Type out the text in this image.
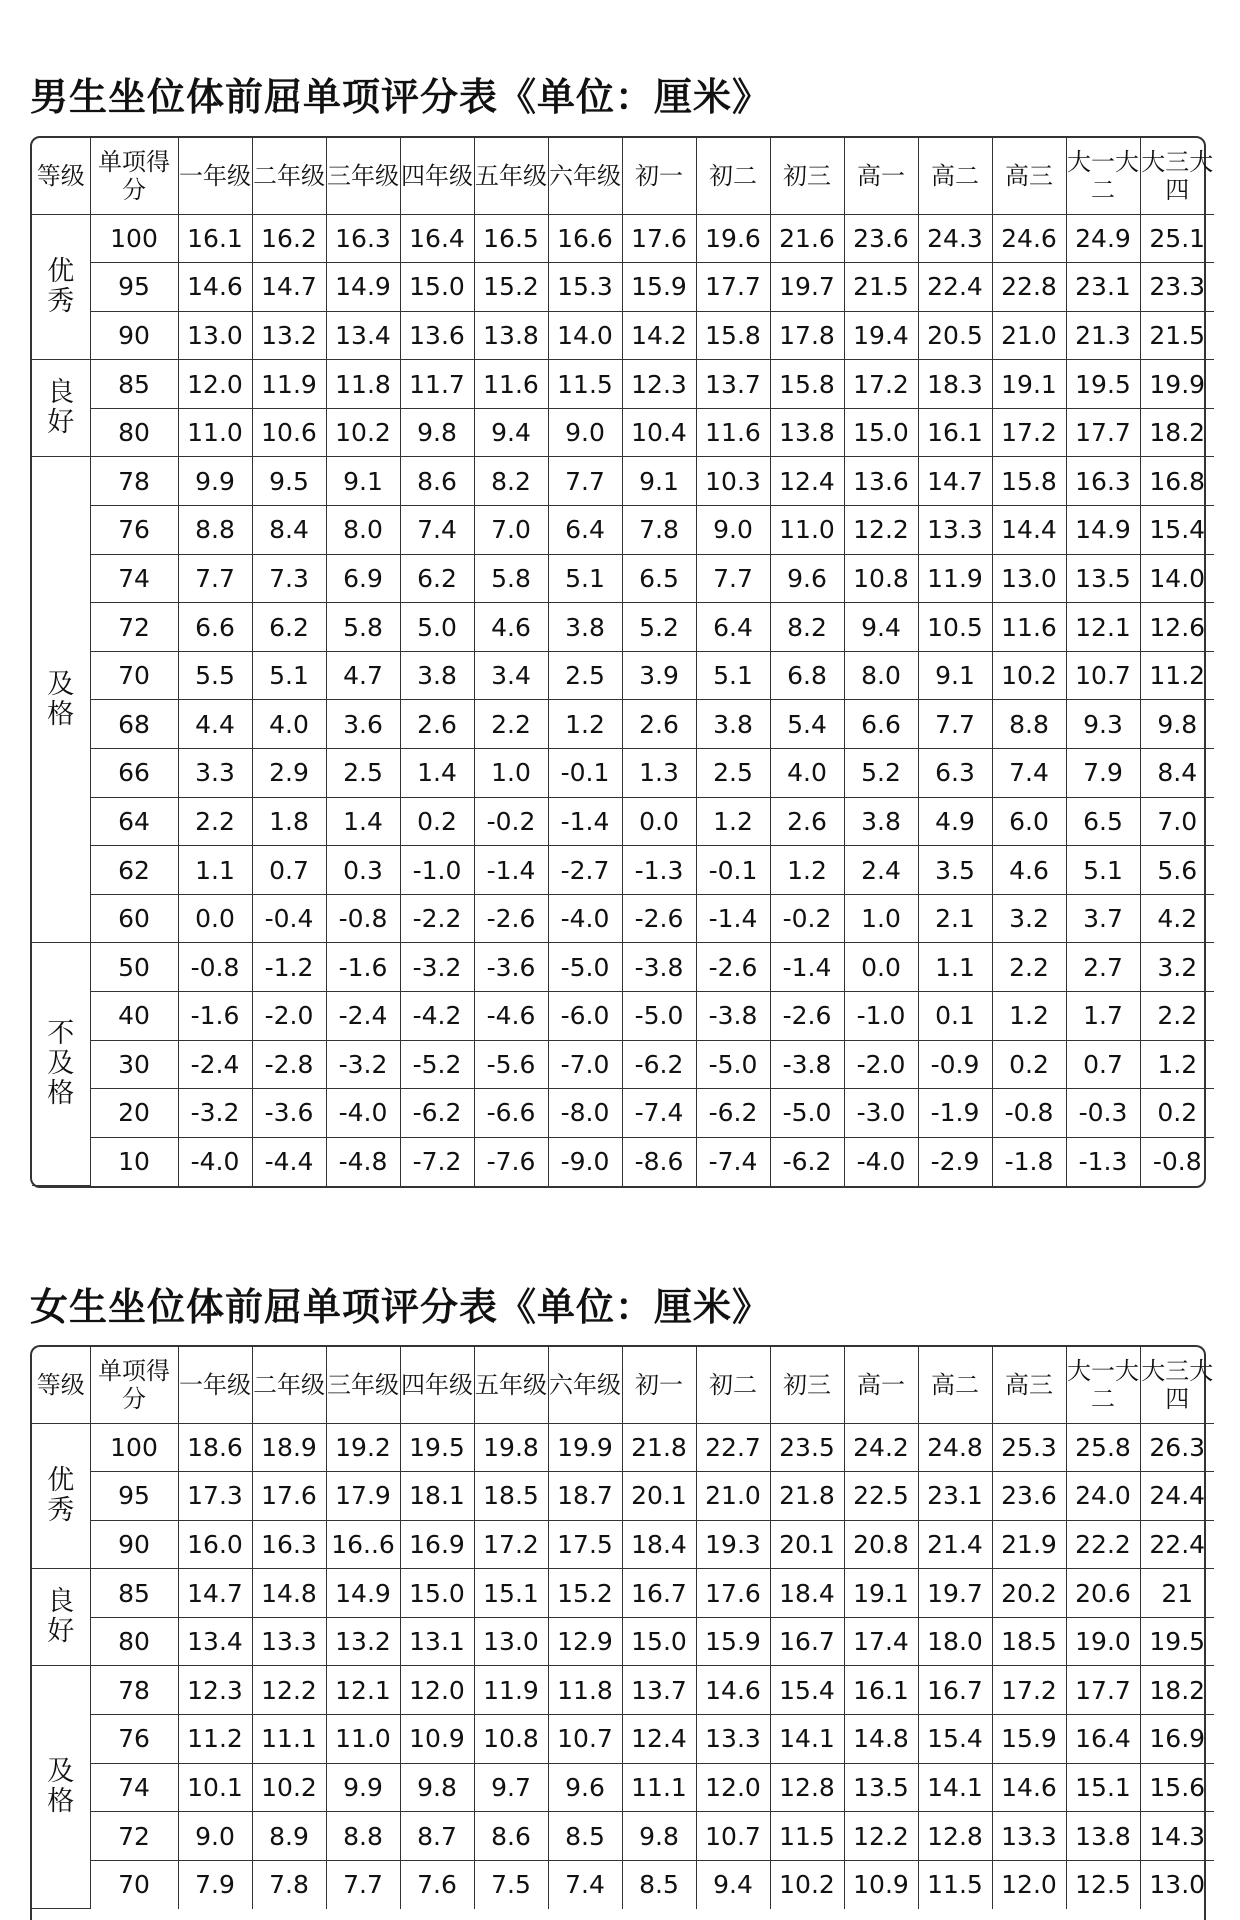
男生坐位体前屈单项评分表《单位：厘米》
等级	单项得分	一年级	二年级	三年级	四年级	五年级	六年级	初一	初二	初三	高一	高二	高三	大一大二	大三大四
优秀	100	16.1	16.2	16.3	16.4	16.5	16.6	17.6	19.6	21.6	23.6	24.3	24.6	24.9	25.1
	95	14.6	14.7	14.9	15.0	15.2	15.3	15.9	17.7	19.7	21.5	22.4	22.8	23.1	23.3
	90	13.0	13.2	13.4	13.6	13.8	14.0	14.2	15.8	17.8	19.4	20.5	21.0	21.3	21.5
良好	85	12.0	11.9	11.8	11.7	11.6	11.5	12.3	13.7	15.8	17.2	18.3	19.1	19.5	19.9
	80	11.0	10.6	10.2	9.8	9.4	9.0	10.4	11.6	13.8	15.0	16.1	17.2	17.7	18.2
及格	78	9.9	9.5	9.1	8.6	8.2	7.7	9.1	10.3	12.4	13.6	14.7	15.8	16.3	16.8
	76	8.8	8.4	8.0	7.4	7.0	6.4	7.8	9.0	11.0	12.2	13.3	14.4	14.9	15.4
	74	7.7	7.3	6.9	6.2	5.8	5.1	6.5	7.7	9.6	10.8	11.9	13.0	13.5	14.0
	72	6.6	6.2	5.8	5.0	4.6	3.8	5.2	6.4	8.2	9.4	10.5	11.6	12.1	12.6
	70	5.5	5.1	4.7	3.8	3.4	2.5	3.9	5.1	6.8	8.0	9.1	10.2	10.7	11.2
	68	4.4	4.0	3.6	2.6	2.2	1.2	2.6	3.8	5.4	6.6	7.7	8.8	9.3	9.8
	66	3.3	2.9	2.5	1.4	1.0	-0.1	1.3	2.5	4.0	5.2	6.3	7.4	7.9	8.4
	64	2.2	1.8	1.4	0.2	-0.2	-1.4	0.0	1.2	2.6	3.8	4.9	6.0	6.5	7.0
	62	1.1	0.7	0.3	-1.0	-1.4	-2.7	-1.3	-0.1	1.2	2.4	3.5	4.6	5.1	5.6
	60	0.0	-0.4	-0.8	-2.2	-2.6	-4.0	-2.6	-1.4	-0.2	1.0	2.1	3.2	3.7	4.2
不及格	50	-0.8	-1.2	-1.6	-3.2	-3.6	-5.0	-3.8	-2.6	-1.4	0.0	1.1	2.2	2.7	3.2
	40	-1.6	-2.0	-2.4	-4.2	-4.6	-6.0	-5.0	-3.8	-2.6	-1.0	0.1	1.2	1.7	2.2
	30	-2.4	-2.8	-3.2	-5.2	-5.6	-7.0	-6.2	-5.0	-3.8	-2.0	-0.9	0.2	0.7	1.2
	20	-3.2	-3.6	-4.0	-6.2	-6.6	-8.0	-7.4	-6.2	-5.0	-3.0	-1.9	-0.8	-0.3	0.2
	10	-4.0	-4.4	-4.8	-7.2	-7.6	-9.0	-8.6	-7.4	-6.2	-4.0	-2.9	-1.8	-1.3	-0.8
女生坐位体前屈单项评分表《单位：厘米》
等级	单项得分	一年级	二年级	三年级	四年级	五年级	六年级	初一	初二	初三	高一	高二	高三	大一大二	大三大四
优秀	100	18.6	18.9	19.2	19.5	19.8	19.9	21.8	22.7	23.5	24.2	24.8	25.3	25.8	26.3
	95	17.3	17.6	17.9	18.1	18.5	18.7	20.1	21.0	21.8	22.5	23.1	23.6	24.0	24.4
	90	16.0	16.3	16..6	16.9	17.2	17.5	18.4	19.3	20.1	20.8	21.4	21.9	22.2	22.4
良好	85	14.7	14.8	14.9	15.0	15.1	15.2	16.7	17.6	18.4	19.1	19.7	20.2	20.6	21
	80	13.4	13.3	13.2	13.1	13.0	12.9	15.0	15.9	16.7	17.4	18.0	18.5	19.0	19.5
及格	78	12.3	12.2	12.1	12.0	11.9	11.8	13.7	14.6	15.4	16.1	16.7	17.2	17.7	18.2
	76	11.2	11.1	11.0	10.9	10.8	10.7	12.4	13.3	14.1	14.8	15.4	15.9	16.4	16.9
	74	10.1	10.2	9.9	9.8	9.7	9.6	11.1	12.0	12.8	13.5	14.1	14.6	15.1	15.6
	72	9.0	8.9	8.8	8.7	8.6	8.5	9.8	10.7	11.5	12.2	12.8	13.3	13.8	14.3
	70	7.9	7.8	7.7	7.6	7.5	7.4	8.5	9.4	10.2	10.9	11.5	12.0	12.5	13.0
